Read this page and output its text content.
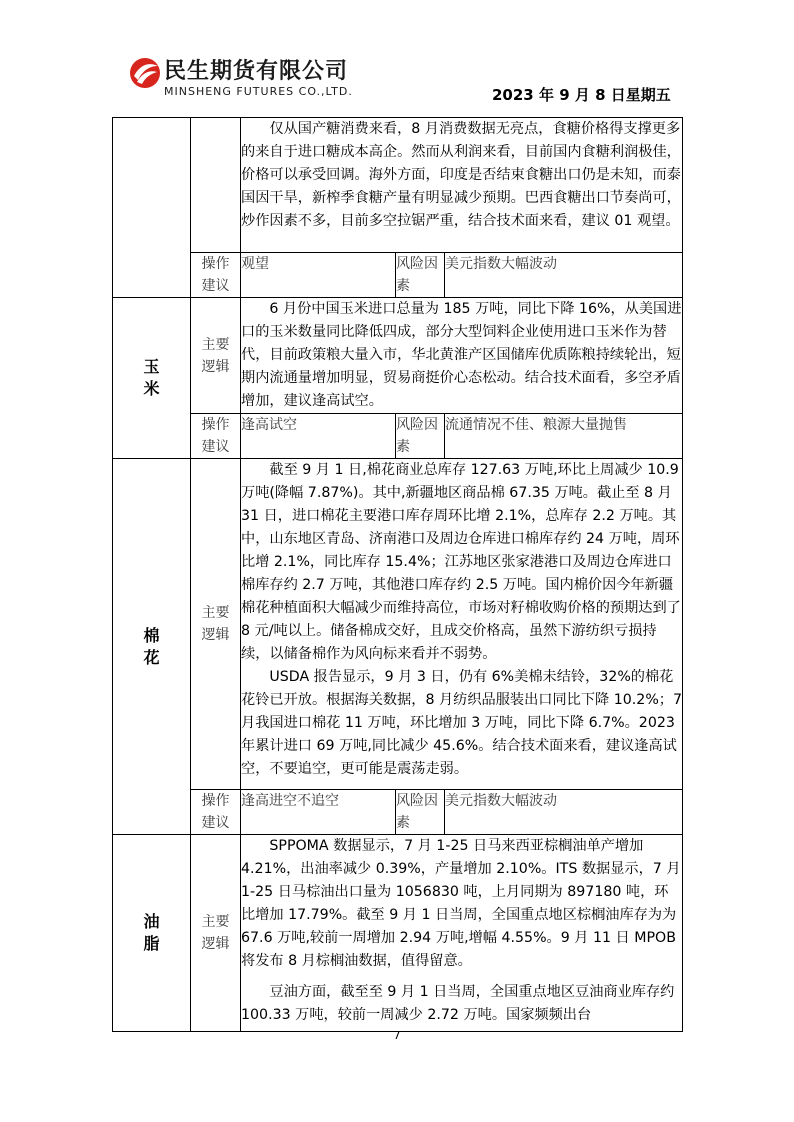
民生期货有限公司
MINSHENG FUTURES CO.,LTD.	2023 年 9 月 8 日星期五

		仅从国产糖消费来看，8 月消费数据无亮点，食糖价格得支撑更多的来自于进口糖成本高企。然而从利润来看，目前国内食糖利润极佳，价格可以承受回调。海外方面，印度是否结束食糖出口仍是未知，而泰国因干旱，新榨季食糖产量有明显减少预期。巴西食糖出口节奏尚可，炒作因素不多，目前多空拉锯严重，结合技术面来看，建议 01 观望。		

	操作建议	观望	风险因素	美元指数大幅波动
玉米	主要逻辑	6 月份中国玉米进口总量为 185 万吨，同比下降 16%，从美国进口的玉米数量同比降低四成，部分大型饲料企业使用进口玉米作为替代，目前政策粮大量入市，华北黄淮产区国储库优质陈粮持续轮出，短期内流通量增加明显，贸易商挺价心态松动。结合技术面看，多空矛盾增加，建议逢高试空。		

	操作建议	逢高试空	风险因素	流通情况不佳、粮源大量抛售
棉花	主要逻辑	截至 9 月 1 日,棉花商业总库存 127.63 万吨,环比上周减少 10.9 万吨(降幅 7.87%)。其中,新疆地区商品棉 67.35 万吨。截止至 8 月 31 日，进口棉花主要港口库存周环比增 2.1%，总库存 2.2 万吨。其中，山东地区青岛、济南港口及周边仓库进口棉库存约 24 万吨，周环比增 2.1%，同比库存 15.4%；江苏地区张家港港口及周边仓库进口棉库存约 2.7 万吨，其他港口库存约 2.5 万吨。国内棉价因今年新疆棉花种植面积大幅减少而维持高位，市场对籽棉收购价格的预期达到了 8 元/吨以上。储备棉成交好，且成交价格高，虽然下游纺织亏损持续，以储备棉作为风向标来看并不弱势。

USDA 报告显示，9 月 3 日，仍有 6%美棉未结铃，32%的棉花花铃已开放。根据海关数据，8 月纺织品服装出口同比下降 10.2%；7 月我国进口棉花 11 万吨，环比增加 3 万吨，同比下降 6.7%。2023 年累计进口 69 万吨,同比减少 45.6%。结合技术面来看，建议逢高试空，不要追空，更可能是震荡走弱。		

	操作建议	逢高进空不追空	风险因素	美元指数大幅波动
油脂	主要逻辑	SPPOMA 数据显示，7 月 1-25 日马来西亚棕榈油单产增加 4.21%，出油率减少 0.39%，产量增加 2.10%。ITS 数据显示，7 月 1-25 日马棕油出口量为 1056830 吨，上月同期为 897180 吨，环比增加 17.79%。截至 9 月 1 日当周，全国重点地区棕榈油库存为为 67.6 万吨,较前一周增加 2.94 万吨,增幅 4.55%。9 月 11 日 MPOB 将发布 8 月棕榈油数据，值得留意。

豆油方面，截至至 9 月 1 日当周，全国重点地区豆油商业库存约 100.33 万吨，较前一周减少 2.72 万吨。国家频频出台		

7
